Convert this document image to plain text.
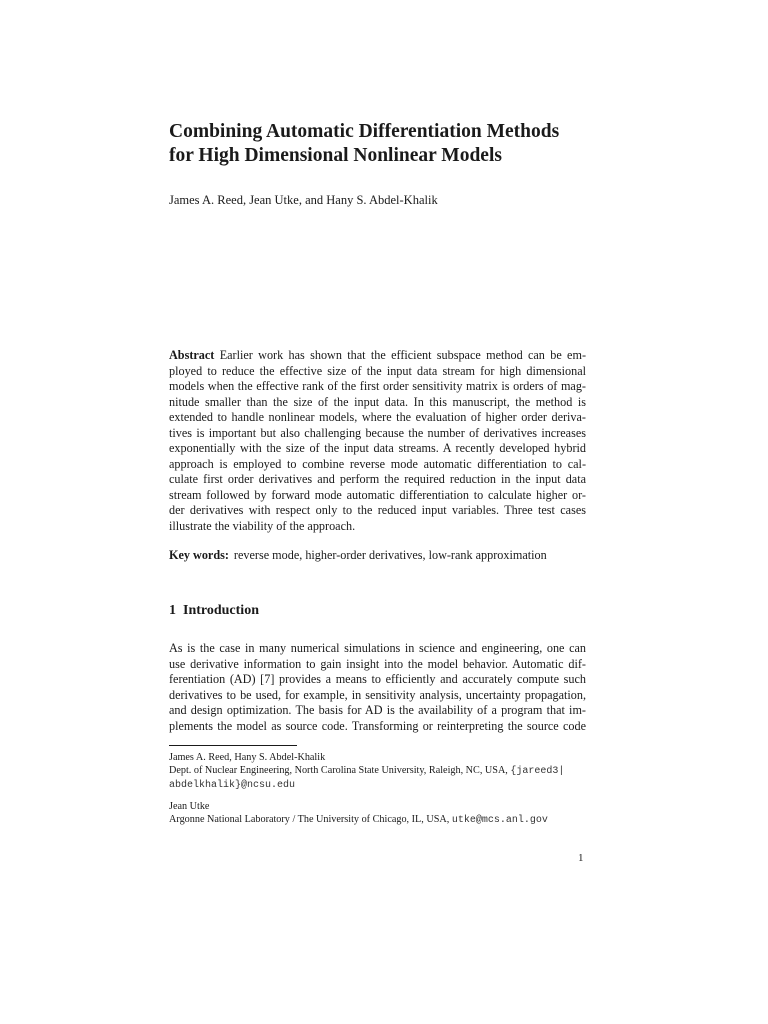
Combining Automatic Differentiation Methods
for High Dimensional Nonlinear Models
James A. Reed, Jean Utke, and Hany S. Abdel-Khalik
Abstract Earlier work has shown that the efficient subspace method can be em-
ployed to reduce the effective size of the input data stream for high dimensional
models when the effective rank of the first order sensitivity matrix is orders of mag-
nitude smaller than the size of the input data. In this manuscript, the method is
extended to handle nonlinear models, where the evaluation of higher order deriva-
tives is important but also challenging because the number of derivatives increases
exponentially with the size of the input data streams. A recently developed hybrid
approach is employed to combine reverse mode automatic differentiation to cal-
culate first order derivatives and perform the required reduction in the input data
stream followed by forward mode automatic differentiation to calculate higher or-
der derivatives with respect only to the reduced input variables. Three test cases
illustrate the viability of the approach.
Key words: reverse mode, higher-order derivatives, low-rank approximation
1 Introduction
As is the case in many numerical simulations in science and engineering, one can
use derivative information to gain insight into the model behavior. Automatic dif-
ferentiation (AD) [7] provides a means to efficiently and accurately compute such
derivatives to be used, for example, in sensitivity analysis, uncertainty propagation,
and design optimization. The basis for AD is the availability of a program that im-
plements the model as source code. Transforming or reinterpreting the source code
James A. Reed, Hany S. Abdel-Khalik
Dept. of Nuclear Engineering, North Carolina State University, Raleigh, NC, USA, {jareed3|
abdelkhalik}@ncsu.edu
Jean Utke
Argonne National Laboratory / The University of Chicago, IL, USA, utke@mcs.anl.gov
1
